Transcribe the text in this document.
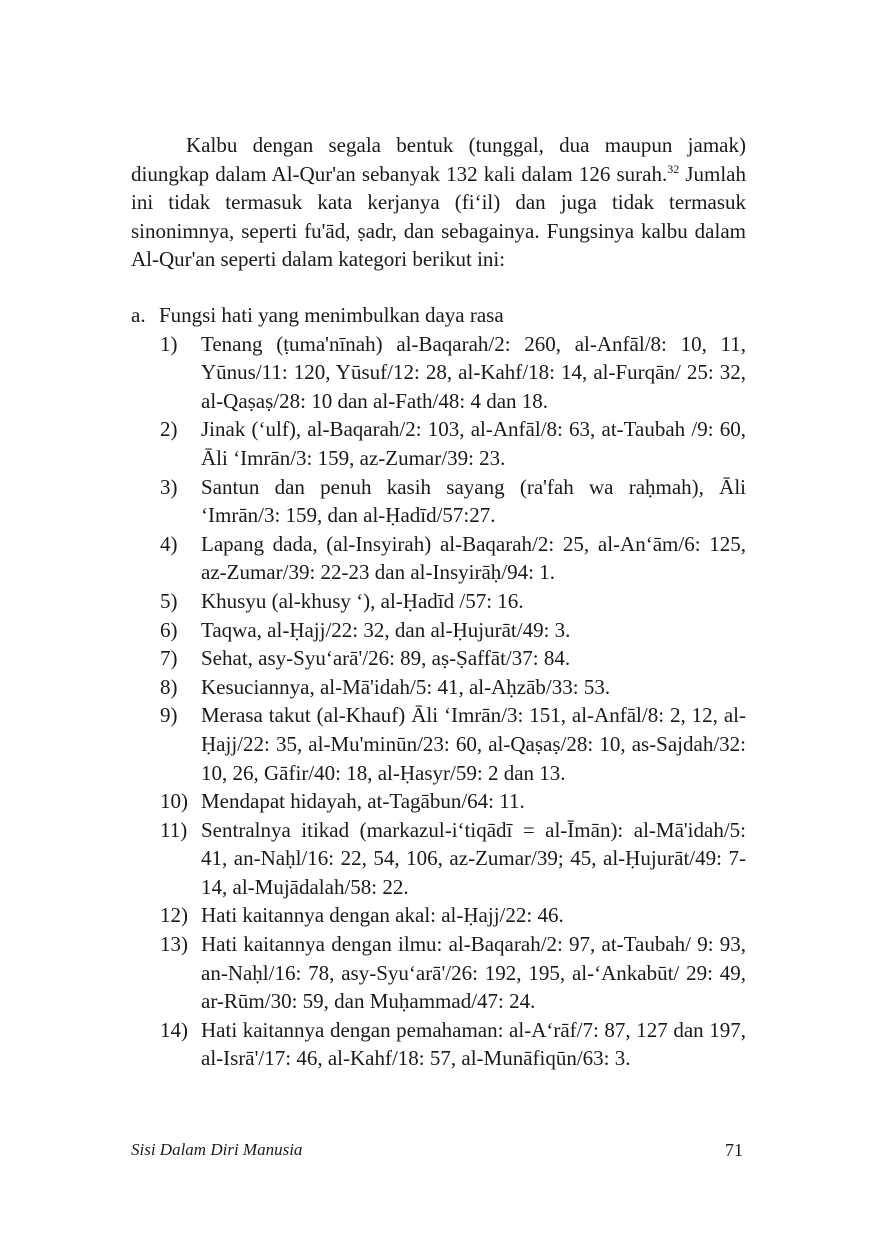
Kalbu dengan segala bentuk (tunggal, dua maupun jamak) diungkap dalam Al-Qur'an sebanyak 132 kali dalam 126 surah.$^{32}$ Jumlah ini tidak termasuk kata kerjanya (fi‘il) dan juga tidak termasuk sinonimnya, seperti fu'ād, ṣadr, dan sebagainya. Fungsinya kalbu dalam Al-Qur'an seperti dalam kategori berikut ini:

a. Fungsi hati yang menimbulkan daya rasa
1)	Tenang (ṭuma'nīnah) al-Baqarah/2: 260, al-Anfāl/8: 10, 11, Yūnus/11: 120, Yūsuf/12: 28, al-Kahf/18: 14, al-Furqān/ 25: 32, al-Qaṣaṣ/28: 10 dan al-Fath/48: 4 dan 18.
2)	Jinak (‘ulf), al-Baqarah/2: 103, al-Anfāl/8: 63, at-Taubah /9: 60, Āli ‘Imrān/3: 159, az-Zumar/39: 23.
3)	Santun dan penuh kasih sayang (ra'fah wa raḥmah), Āli ‘Imrān/3: 159, dan al-Ḥadīd/57:27.
4)	Lapang dada, (al-Insyirah) al-Baqarah/2: 25, al-An‘ām/6: 125, az-Zumar/39: 22-23 dan al-Insyirāḥ/94: 1.
5)	Khusyu (al-khusy ‘), al-Ḥadīd /57: 16.
6)	Taqwa, al-Ḥajj/22: 32, dan al-Ḥujurāt/49: 3.
7)	Sehat, asy-Syu‘arā'/26: 89, aṣ-Ṣaffāt/37: 84.
8)	Kesuciannya, al-Mā'idah/5: 41, al-Aḥzāb/33: 53.
9)	Merasa takut (al-Khauf) Āli ‘Imrān/3: 151, al-Anfāl/8: 2, 12, al-Ḥajj/22: 35, al-Mu'minūn/23: 60, al-Qaṣaṣ/28: 10, as-Sajdah/32: 10, 26, Gāfir/40: 18, al-Ḥasyr/59: 2 dan 13.
10) Mendapat hidayah, at-Tagābun/64: 11.
11) Sentralnya itikad (markazul-i‘tiqādī = al-Īmān): al-Mā'idah/5: 41, an-Naḥl/16: 22, 54, 106, az-Zumar/39; 45, al-Ḥujurāt/49: 7-14, al-Mujādalah/58: 22.
12) Hati kaitannya dengan akal: al-Ḥajj/22: 46.
13) Hati kaitannya dengan ilmu: al-Baqarah/2: 97, at-Taubah/ 9: 93, an-Naḥl/16: 78, asy-Syu‘arā'/26: 192, 195, al-‘Ankabūt/ 29: 49, ar-Rūm/30: 59, dan Muḥammad/47: 24.
14) Hati kaitannya dengan pemahaman: al-A‘rāf/7: 87, 127 dan 197, al-Isrā'/17: 46, al-Kahf/18: 57, al-Munāfiqūn/63: 3.
Sisi Dalam Diri Manusia	71
